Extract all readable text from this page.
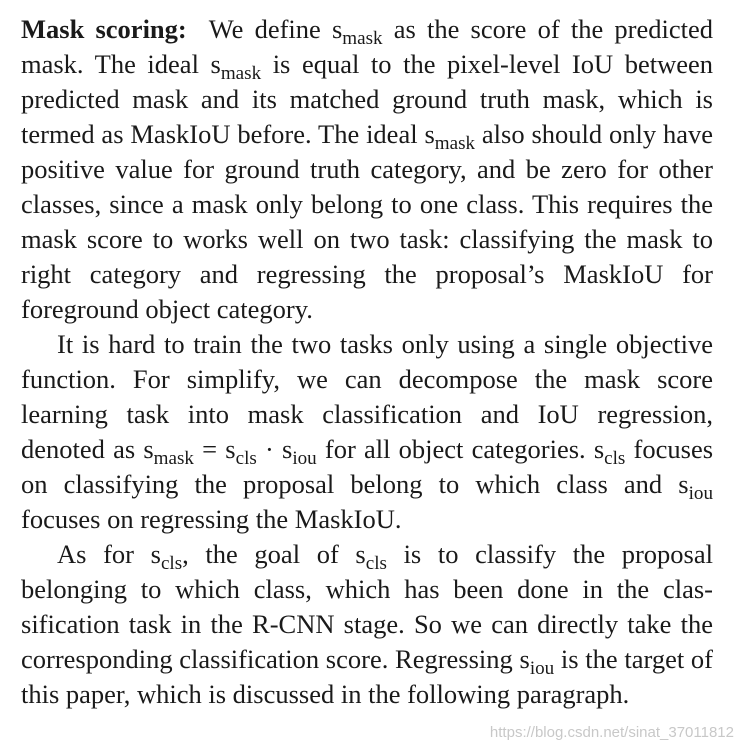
Mask scoring: We define $s_{mask}$ as the score of the predicted mask. The ideal $s_{mask}$ is equal to the pixel-level IoU between predicted mask and its matched ground truth mask, which is termed as MaskIoU before. The ideal $s_{mask}$ also should only have positive value for ground truth category, and be zero for other classes, since a mask only belong to one class. This requires the mask score to works well on two task: classifying the mask to right category and regressing the proposal’s MaskIoU for foreground object category.

It is hard to train the two tasks only using a single objective function. For simplify, we can decompose the mask score learning task into mask classification and IoU regression, denoted as $s_{mask} = s_{cls} \cdot s_{iou}$ for all object categories. $s_{cls}$ focuses on classifying the proposal belong to which class and $s_{iou}$ focuses on regressing the MaskIoU.

As for $s_{cls}$, the goal of $s_{cls}$ is to classify the proposal belonging to which class, which has been done in the classification task in the R-CNN stage. So we can directly take the corresponding classification score. Regressing $s_{iou}$ is the target of this paper, which is discussed in the following paragraph.

https://blog.csdn.net/sinat_37011812
